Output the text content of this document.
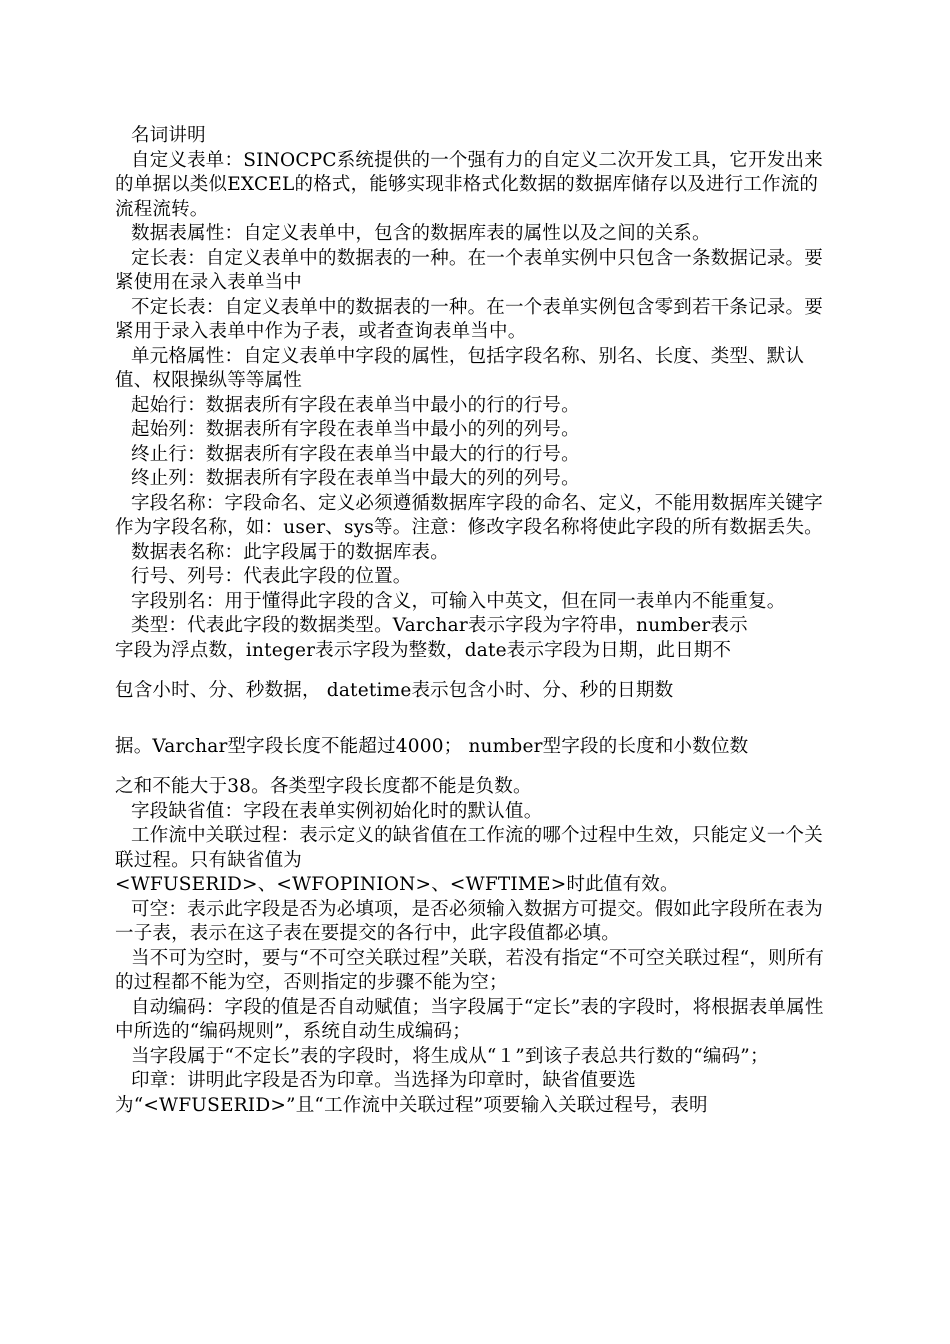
名词讲明

自定义表单：SINOCPC系统提供的一个强有力的自定义二次开发工具，它开发出来的单据以类似EXCEL的格式，能够实现非格式化数据的数据库储存以及进行工作流的流程流转。

数据表属性：自定义表单中，包含的数据库表的属性以及之间的关系。

定长表：自定义表单中的数据表的一种。在一个表单实例中只包含一条数据记录。要紧使用在录入表单当中

不定长表：自定义表单中的数据表的一种。在一个表单实例包含零到若干条记录。要紧用于录入表单中作为子表，或者查询表单当中。

单元格属性：自定义表单中字段的属性，包括字段名称、别名、长度、类型、默认值、权限操纵等等属性

起始行：数据表所有字段在表单当中最小的行的行号。

起始列：数据表所有字段在表单当中最小的列的列号。

终止行：数据表所有字段在表单当中最大的行的行号。

终止列：数据表所有字段在表单当中最大的列的列号。

字段名称：字段命名、定义必须遵循数据库字段的命名、定义，不能用数据库关键字作为字段名称，如：user、sys等。注意：修改字段名称将使此字段的所有数据丢失。

数据表名称：此字段属于的数据库表。

行号、列号：代表此字段的位置。

字段别名：用于懂得此字段的含义，可输入中英文，但在同一表单内不能重复。

类型：代表此字段的数据类型。Varchar表示字段为字符串，number表示

字段为浮点数，integer表示字段为整数，date表示字段为日期，此日期不

包含小时、分、秒数据， datetime表示包含小时、分、秒的日期数

据。Varchar型字段长度不能超过4000； number型字段的长度和小数位数

之和不能大于38。各类型字段长度都不能是负数。

字段缺省值：字段在表单实例初始化时的默认值。

工作流中关联过程：表示定义的缺省值在工作流的哪个过程中生效，只能定义一个关联过程。只有缺省值为

<WFUSERID>、<WFOPINION>、<WFTIME>时此值有效。

可空：表示此字段是否为必填项，是否必须输入数据方可提交。假如此字段所在表为一子表，表示在这子表在要提交的各行中，此字段值都必填。

当不可为空时，要与“不可空关联过程”关联，若没有指定“不可空关联过程“，则所有的过程都不能为空，否则指定的步骤不能为空；

自动编码：字段的值是否自动赋值；当字段属于“定长”表的字段时，将根据表单属性中所选的“编码规则”，系统自动生成编码；

当字段属于“不定长”表的字段时，将生成从“１”到该子表总共行数的“编码”；

印章：讲明此字段是否为印章。当选择为印章时，缺省值要选为“<WFUSERID>”且“工作流中关联过程”项要输入关联过程号，表明
